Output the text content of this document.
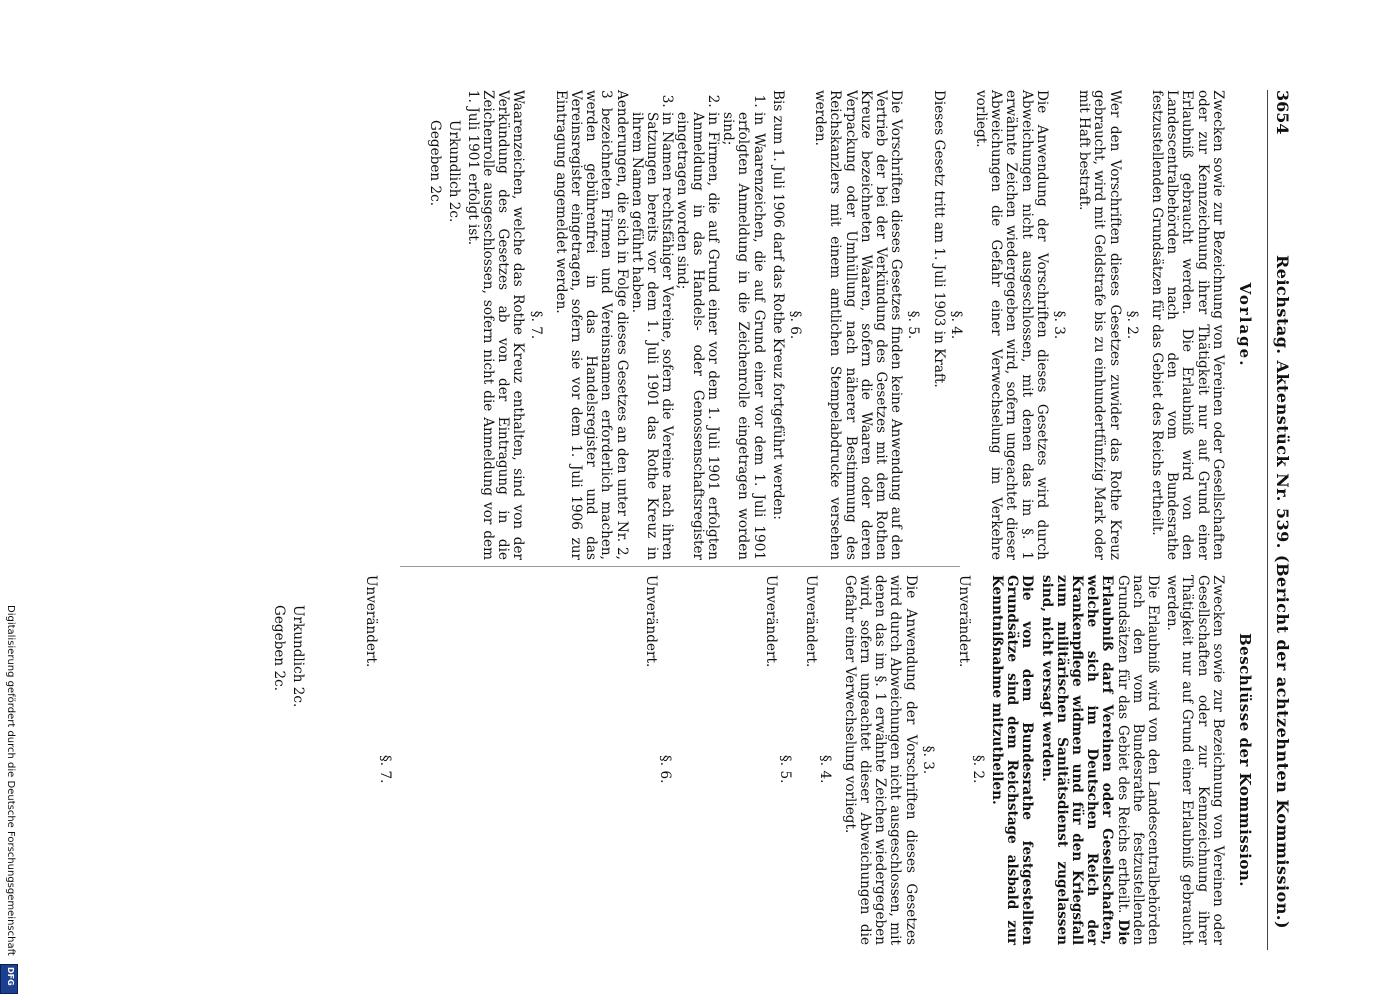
3654
Reichstag. Aktenstück Nr. 539. (Bericht der achtzehnten Kommission.)
Vorlage.

Zwecken sowie zur Bezeichnung von Vereinen oder Gesellschaften oder zur Kennzeichnung ihrer Thätigkeit nur auf Grund einer Erlaubniß gebraucht werden. Die Erlaubniß wird von den Landescentralbehörden nach den vom Bundesrathe festzustellenden Grundsätzen für das Gebiet des Reichs ertheilt.

§. 2.

Wer den Vorschriften dieses Gesetzes zuwider das Rothe Kreuz gebraucht, wird mit Geldstrafe bis zu einhundertfünfzig Mark oder mit Haft bestraft.

§. 3.

Die Anwendung der Vorschriften dieses Gesetzes wird durch Abweichungen nicht ausgeschlossen, mit denen das im §. 1 erwähnte Zeichen wiedergegeben wird, sofern ungeachtet dieser Abweichungen die Gefahr einer Verwechselung im Verkehre vorliegt.

§. 4.

Dieses Gesetz tritt am 1. Juli 1903 in Kraft.

§. 5.

Die Vorschriften dieses Gesetzes finden keine Anwendung auf den Vertrieb der bei der Verkündung des Gesetzes mit dem Rothen Kreuze bezeichneten Waaren, sofern die Waaren oder deren Verpackung oder Umhüllung nach näherer Bestimmung des Reichskanzlers mit einem amtlichen Stempelabdrucke versehen werden.

§. 6.

Bis zum 1. Juli 1906 darf das Rothe Kreuz fortgeführt werden:

1. in Waarenzeichen, die auf Grund einer vor dem 1. Juli 1901 erfolgten Anmeldung in die Zeichenrolle eingetragen worden sind;
2. in Firmen, die auf Grund einer vor dem 1. Juli 1901 erfolgten Anmeldung in das Handels- oder Genossenschaftsregister eingetragen worden sind;
3. in Namen rechtsfähiger Vereine, sofern die Vereine nach ihren Satzungen bereits vor dem 1. Juli 1901 das Rothe Kreuz in ihrem Namen geführt haben.

Aenderungen, die sich in Folge dieses Gesetzes an den unter Nr. 2, 3 bezeichneten Firmen und Vereinsnamen erforderlich machen, werden gebührenfrei in das Handelsregister und das Vereinsregister eingetragen, sofern sie vor dem 1. Juli 1906 zur Eintragung angemeldet werden.

§. 7.

Waarenzeichen, welche das Rothe Kreuz enthalten, sind von der Verkündung des Gesetzes ab von der Eintragung in die Zeichenrolle ausgeschlossen, sofern nicht die Anmeldung vor dem 1. Juli 1901 erfolgt ist.

Urkundlich 2c.
Gegeben 2c.
Beschlüsse der Kommission.

Zwecken sowie zur Bezeichnung von Vereinen oder Gesellschaften oder zur Kennzeichnung ihrer Thätigkeit nur auf Grund einer Erlaubniß gebraucht werden.

Die Erlaubniß wird von den Landescentralbehörden nach den vom Bundesrathe festzustellenden Grundsätzen für das Gebiet des Reichs ertheilt. Die Erlaubniß darf Vereinen oder Gesellschaften, welche sich im Deutschen Reich der Krankenpflege widmen und für den Kriegsfall zum militärischen Sanitätsdienst zugelassen sind, nicht versagt werden.

Die von dem Bundesrathe festgestellten Grundsätze sind dem Reichstage alsbald zur Kenntnißnahme mitzutheilen.

Unverändert.
§. 2.
§. 3.

Die Anwendung der Vorschriften dieses Gesetzes wird durch Abweichungen nicht ausgeschlossen, mit denen das im §. 1 erwähnte Zeichen wiedergegeben wird, sofern ungeachtet dieser Abweichungen die Gefahr einer Verwechselung vorliegt.

Unverändert.
§. 4.
Unverändert.
§. 5.
Unverändert.
§. 6.
Unverändert.
§. 7.
Urkundlich 2c.
Gegeben 2c.
Digitalisierung gefördert durch die Deutsche Forschungsgemeinschaft
DFG
